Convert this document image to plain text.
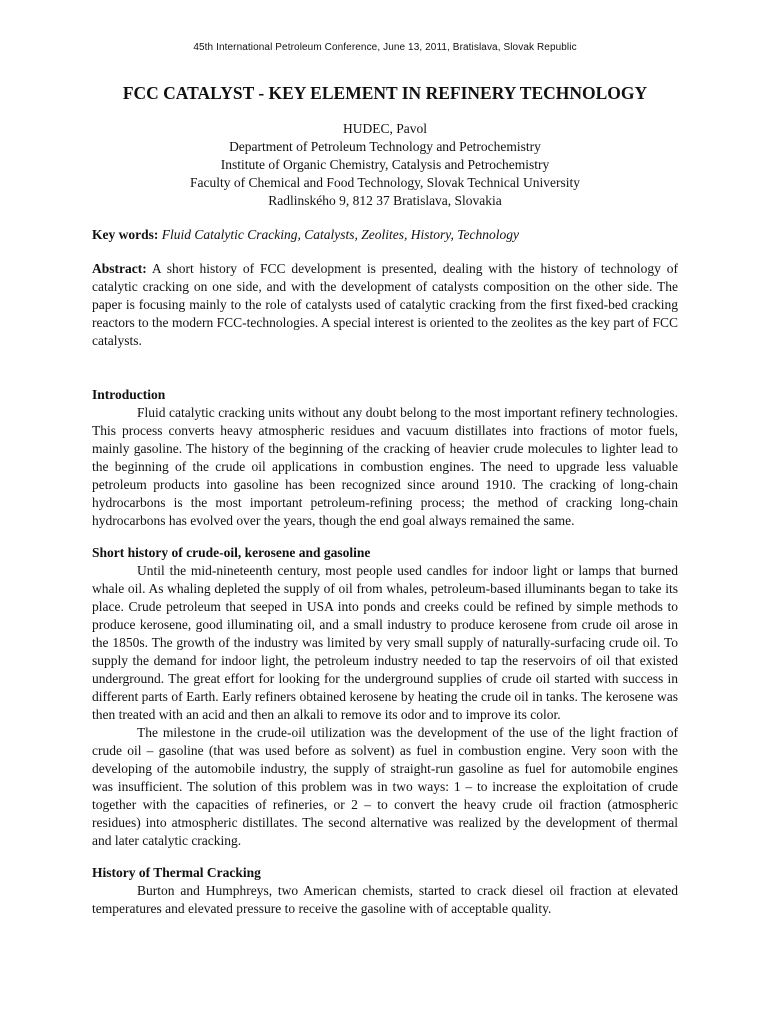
45th International Petroleum Conference, June 13, 2011, Bratislava, Slovak Republic
FCC CATALYST - KEY ELEMENT IN REFINERY TECHNOLOGY
HUDEC, Pavol
Department of Petroleum Technology and Petrochemistry
Institute of Organic Chemistry, Catalysis and Petrochemistry
Faculty of Chemical and Food Technology, Slovak Technical University
Radlinského 9, 812 37 Bratislava, Slovakia
Key words: Fluid Catalytic Cracking, Catalysts, Zeolites, History, Technology
Abstract: A short history of FCC development is presented, dealing with the history of technology of catalytic cracking on one side, and with the development of catalysts composition on the other side. The paper is focusing mainly to the role of catalysts used of catalytic cracking from the first fixed-bed cracking reactors to the modern FCC-technologies. A special interest is oriented to the zeolites as the key part of FCC catalysts.
Introduction
Fluid catalytic cracking units without any doubt belong to the most important refinery technologies. This process converts heavy atmospheric residues and vacuum distillates into fractions of motor fuels, mainly gasoline. The history of the beginning of the cracking of heavier crude molecules to lighter lead to the beginning of the crude oil applications in combustion engines. The need to upgrade less valuable petroleum products into gasoline has been recognized since around 1910. The cracking of long-chain hydrocarbons is the most important petroleum-refining process; the method of cracking long-chain hydrocarbons has evolved over the years, though the end goal always remained the same.
Short history of crude-oil, kerosene and gasoline
Until the mid-nineteenth century, most people used candles for indoor light or lamps that burned whale oil. As whaling depleted the supply of oil from whales, petroleum-based illuminants began to take its place. Crude petroleum that seeped in USA into ponds and creeks could be refined by simple methods to produce kerosene, good illuminating oil, and a small industry to produce kerosene from crude oil arose in the 1850s. The growth of the industry was limited by very small supply of naturally-surfacing crude oil. To supply the demand for indoor light, the petroleum industry needed to tap the reservoirs of oil that existed underground. The great effort for looking for the underground supplies of crude oil started with success in different parts of Earth. Early refiners obtained kerosene by heating the crude oil in tanks. The kerosene was then treated with an acid and then an alkali to remove its odor and to improve its color.
The milestone in the crude-oil utilization was the development of the use of the light fraction of crude oil – gasoline (that was used before as solvent) as fuel in combustion engine. Very soon with the developing of the automobile industry, the supply of straight-run gasoline as fuel for automobile engines was insufficient. The solution of this problem was in two ways: 1 – to increase the exploitation of crude together with the capacities of refineries, or 2 – to convert the heavy crude oil fraction (atmospheric residues) into atmospheric distillates. The second alternative was realized by the development of thermal and later catalytic cracking.
History of Thermal Cracking
Burton and Humphreys, two American chemists, started to crack diesel oil fraction at elevated temperatures and elevated pressure to receive the gasoline with of acceptable quality.
